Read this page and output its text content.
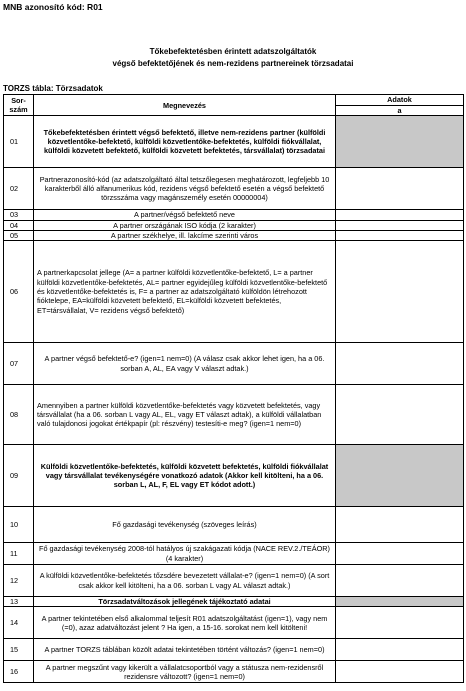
MNB azonosító kód: R01
Tőkebefektetésben érintett adatszolgáltatók
végső befektetőjének és nem-rezidens partnereinek törzsadatai
TORZS tábla: Törzsadatok
Sor-
szám	Megnevezés	Adatok
		a
01	Tőkebefektetésben érintett végső befektető, illetve nem-rezidens partner (külföldi közvetlentőke-befektető, külföldi közvetlentőke-befektetés, külföldi fiókvállalat, külföldi közvetett befektető, külföldi közvetett befektetés, társvállalat) törzsadatai	
02	Partnerazonosító-kód (az adatszolgáltató által tetszőlegesen meghatározott, legfeljebb 10 karakterből álló alfanumerikus kód, rezidens végső befektető esetén a végső befektető törzsszáma vagy magánszemély esetén 00000004)	
03	A partner/végső befektető neve	
04	A partner országának ISO kódja (2 karakter)	
05	A partner székhelye, ill. lakcíme szerinti város	
06	A partnerkapcsolat jellege (A= a partner külföldi közvetlentőke-befektető, L= a partner külföldi közvetlentőke-befektetés, AL= partner egyidejűleg külföldi közvetlentőke-befektető és közvetlentőke-befektetés is, F= a partner az adatszolgáltató külföldön létrehozott fióktelepe, EA=külföldi közvetett befektető, EL=külföldi közvetett befektetés, ET=társvállalat, V= rezidens végső befektető)	
07	A partner végső befektető-e? (igen=1 nem=0) (A válasz csak akkor lehet igen, ha a 06. sorban A, AL, EA vagy V választ adtak.)	
08	Amennyiben a partner külföldi közvetlentőke-befektetés vagy közvetett befektetés, vagy társvállalat (ha a 06. sorban L vagy AL, EL, vagy ET választ adtak), a külföldi vállalatban való tulajdonosi jogokat értékpapír (pl: részvény) testesíti-e meg? (igen=1 nem=0)	
09	Külföldi közvetlentőke-befektetés, külföldi közvetett befektetés, külföldi fiókvállalat vagy társvállalat tevékenységére vonatkozó adatok (Akkor kell kitölteni, ha a 06. sorban L, AL, F, EL vagy ET kódot adott.)	
10	Fő gazdasági tevékenység (szöveges leírás)	
11	Fő gazdasági tevékenység 2008-tól hatályos új szakágazati kódja (NACE REV.2./TEÁOR) (4 karakter)	
12	A külföldi közvetlentőke-befektetés tőzsdére bevezetett vállalat-e? (igen=1 nem=0) (A sort csak akkor kell kitölteni, ha a 06. sorban L vagy AL választ adtak.)	
13	Törzsadatváltozások jellegének tájékoztató adatai	
14	A partner tekintetében első alkalommal teljesít R01 adatszolgáltatást (igen=1), vagy nem (=0), azaz adatváltozást jelent ? Ha igen, a 15-16. sorokat nem kell kitölteni!	
15	A partner TORZS táblában közölt adatai tekintetében történt változás? (igen=1 nem=0)	
16	A partner megszűnt vagy kikerült a vállalatcsoportból vagy a státusza nem-rezidensről rezidensre változott? (igen=1 nem=0)	
